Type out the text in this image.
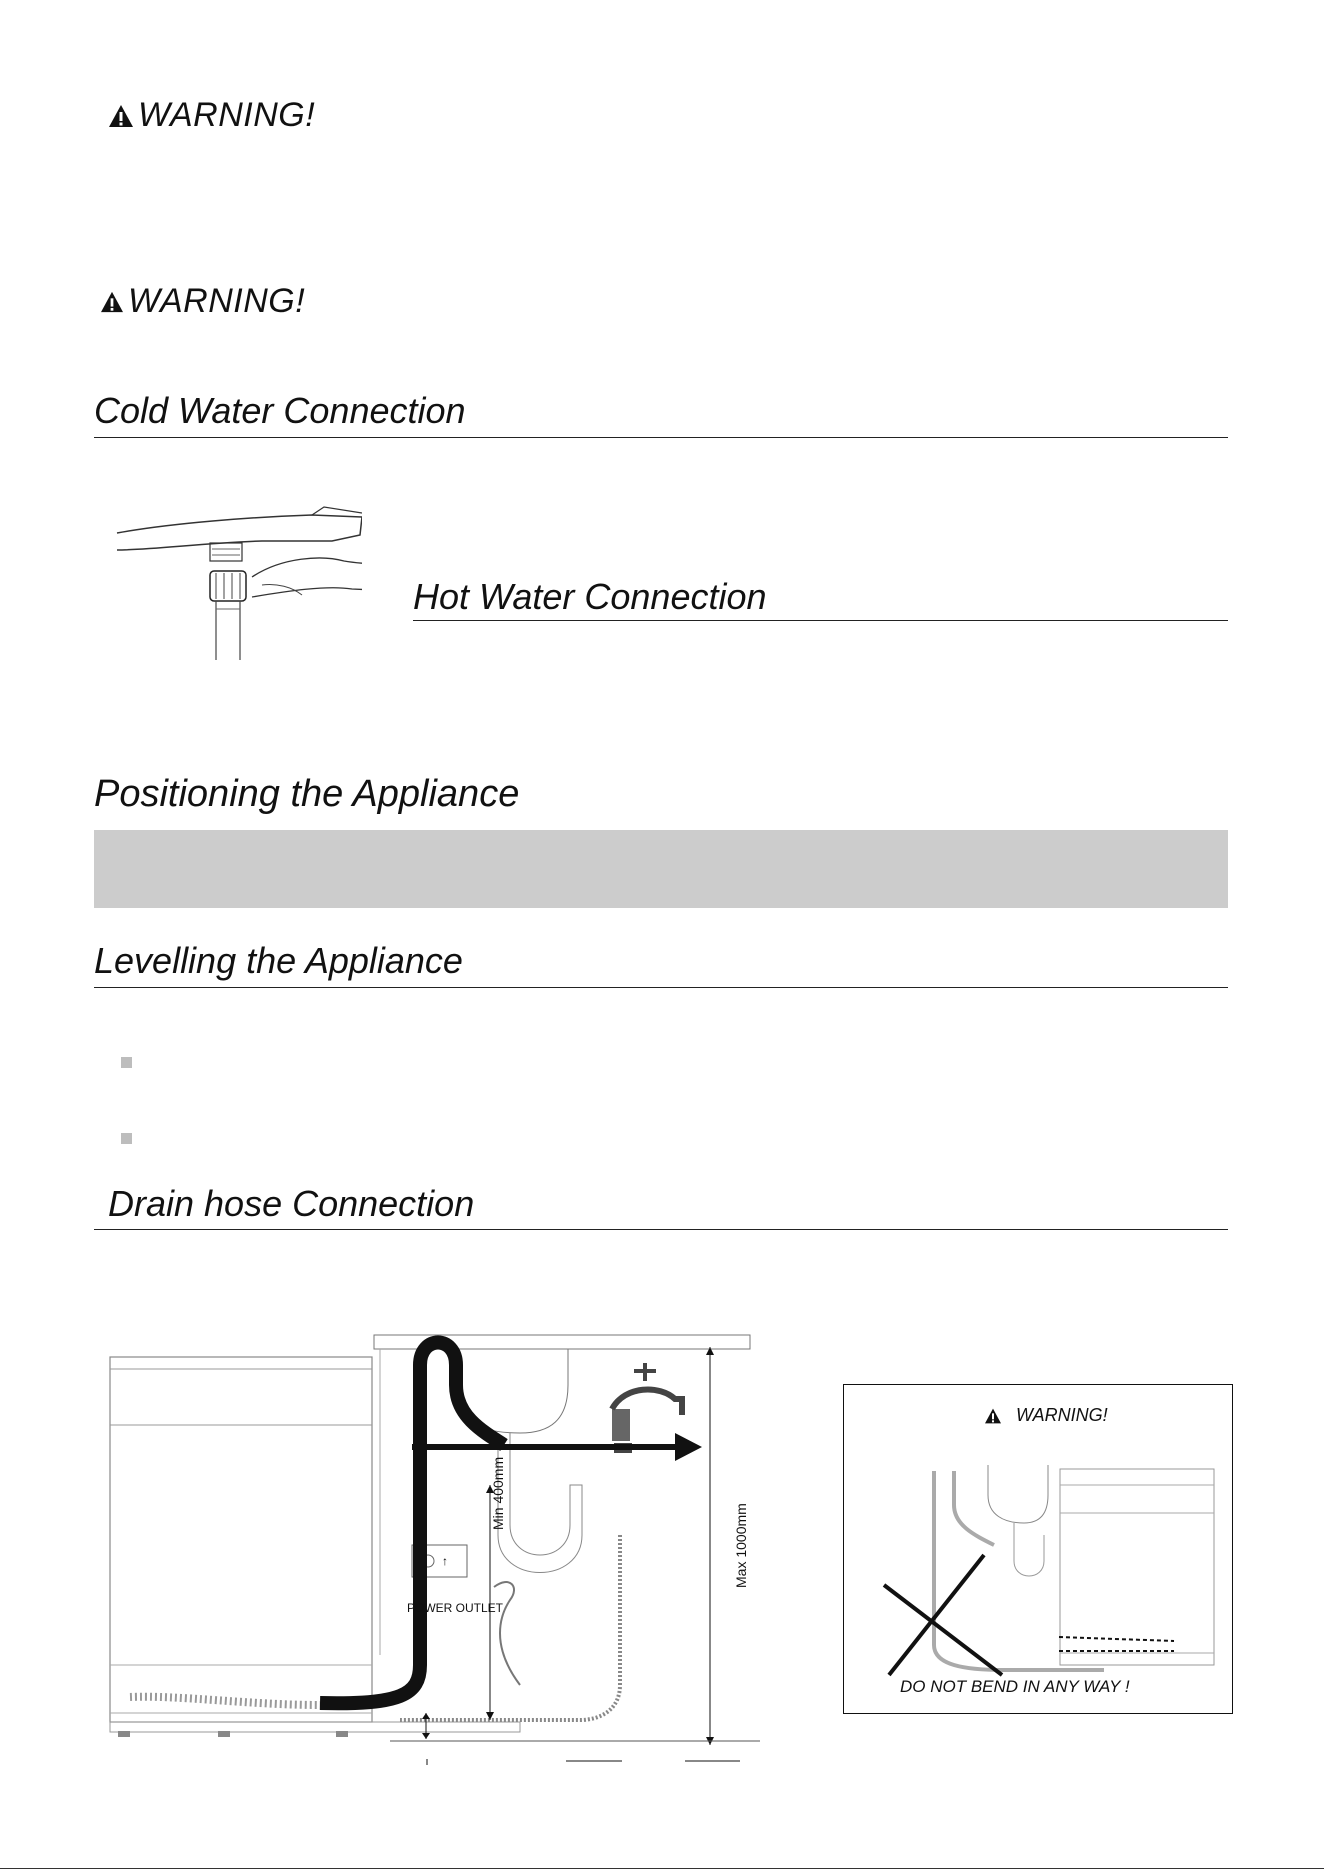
WARNING!
WARNING!
Cold Water Connection
Hot Water Connection
Positioning the Appliance
Levelling the Appliance
Drain hose Connection
↑
POWER OUTLET
Min 400mm
Max 1000mm
WARNING!
DO NOT BEND IN ANY WAY !
